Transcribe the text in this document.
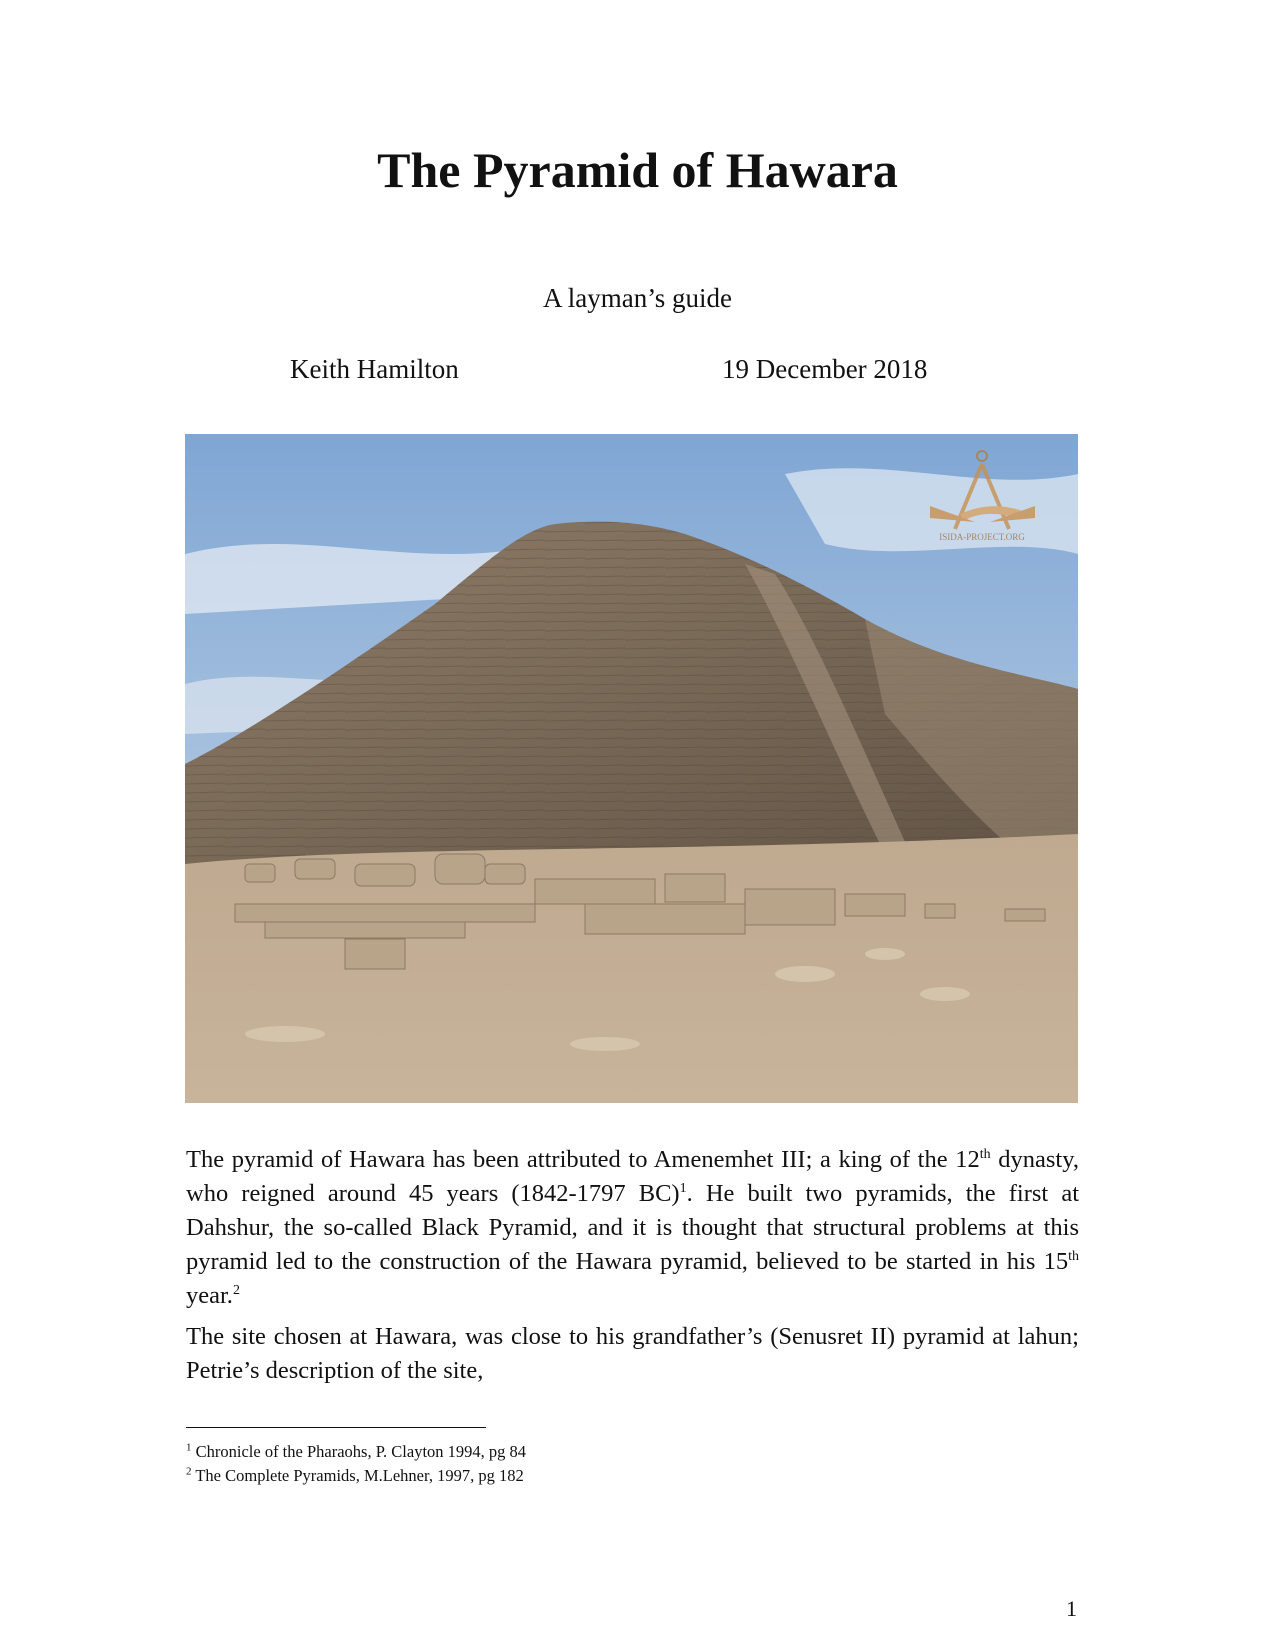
The Pyramid of Hawara
A layman’s guide
Keith Hamilton	19 December 2018
ISIDA-PROJECT.ORG

The pyramid of Hawara has been attributed to Amenemhet III; a king of the 12th dynasty, who reigned around 45 years (1842-1797 BC)$^1$. He built two pyramids, the first at Dahshur, the so-called Black Pyramid, and it is thought that structural problems at this pyramid led to the construction of the Hawara pyramid, believed to be started in his 15th year.$^2$

The site chosen at Hawara, was close to his grandfather’s (Senusret II) pyramid at lahun; Petrie’s description of the site,

$^1$ Chronicle of the Pharaohs, P. Clayton 1994, pg 84
$^2$ The Complete Pyramids, M.Lehner, 1997, pg 182
1
